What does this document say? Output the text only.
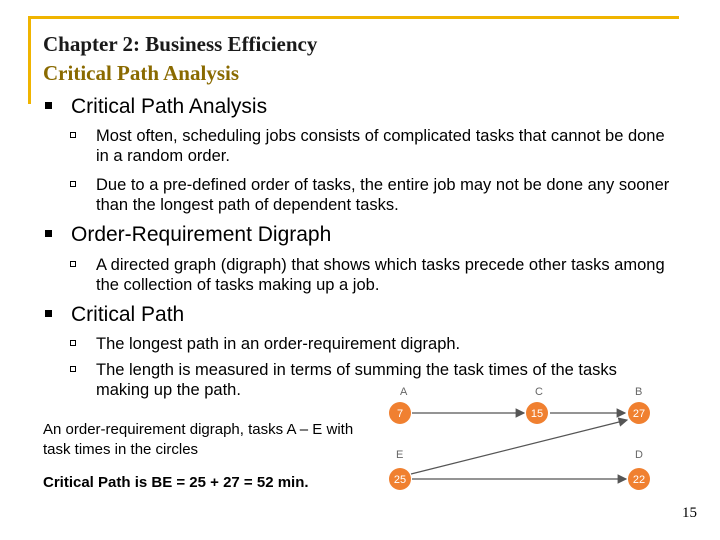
Chapter 2: Business Efficiency
Critical Path Analysis
Critical Path Analysis
Most often, scheduling jobs consists of complicated tasks that cannot be done in a random order.
Due to a pre-defined order of tasks, the entire job may not be done any sooner than the longest path of dependent tasks.
Order-Requirement Digraph
A directed graph (digraph) that shows which tasks precede other tasks among the collection of tasks making up a job.
Critical Path
The longest path in an order-requirement digraph.
The length is measured in terms of summing the task times of the tasks making up the path.
An order-requirement digraph, tasks A – E with task times in the circles
Critical Path is BE = 25 + 27 = 52 min.
A
7
C
15
B
27
E
25
D
22
15
